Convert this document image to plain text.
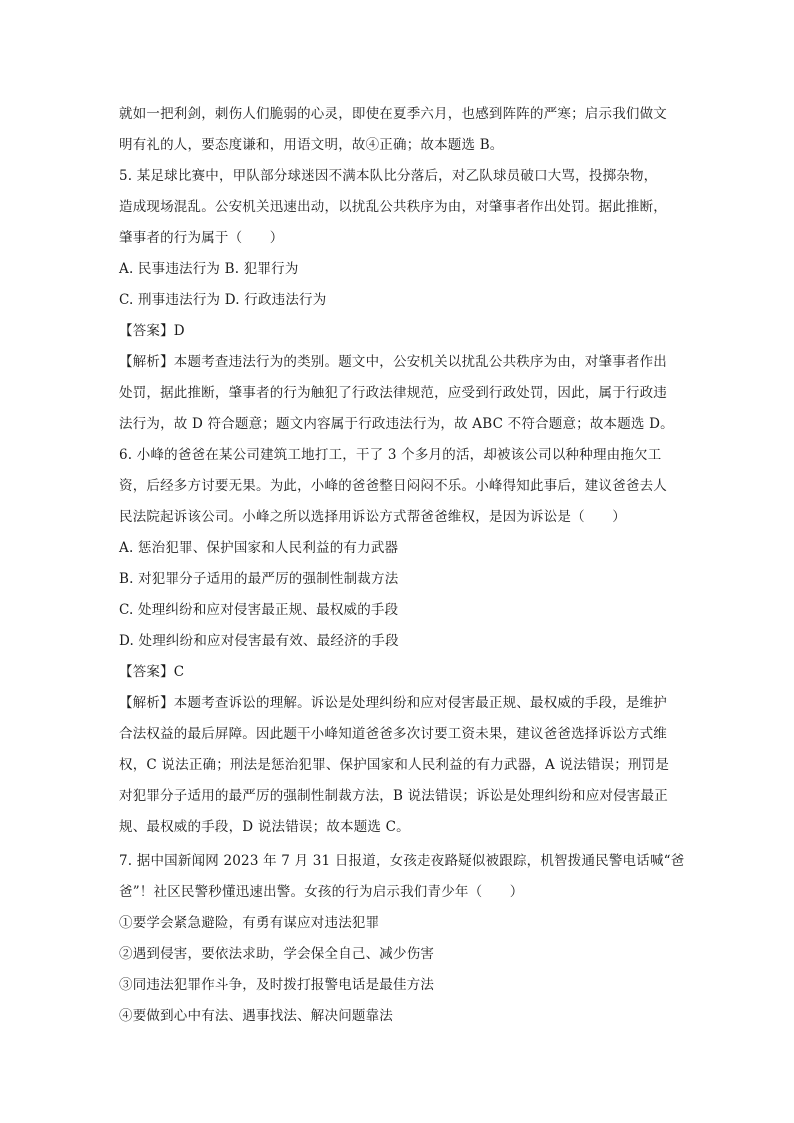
就如一把利剑，刺伤人们脆弱的心灵，即使在夏季六月，也感到阵阵的严寒；启示我们做文
明有礼的人，要态度谦和，用语文明，故④正确；故本题选 B。
5. 某足球比赛中，甲队部分球迷因不满本队比分落后，对乙队球员破口大骂，投掷杂物，
造成现场混乱。公安机关迅速出动，以扰乱公共秩序为由，对肇事者作出处罚。据此推断，
肇事者的行为属于（　　）
A. 民事违法行为 B. 犯罪行为
C. 刑事违法行为 D. 行政违法行为
【答案】D
【解析】本题考查违法行为的类别。题文中，公安机关以扰乱公共秩序为由，对肇事者作出
处罚，据此推断，肇事者的行为触犯了行政法律规范，应受到行政处罚，因此，属于行政违
法行为，故 D 符合题意；题文内容属于行政违法行为，故 ABC 不符合题意；故本题选 D。
6. 小峰的爸爸在某公司建筑工地打工，干了 3 个多月的活，却被该公司以种种理由拖欠工
资，后经多方讨要无果。为此，小峰的爸爸整日闷闷不乐。小峰得知此事后，建议爸爸去人
民法院起诉该公司。小峰之所以选择用诉讼方式帮爸爸维权，是因为诉讼是（　　）
A. 惩治犯罪、保护国家和人民利益的有力武器
B. 对犯罪分子适用的最严厉的强制性制裁方法
C. 处理纠纷和应对侵害最正规、最权威的手段
D. 处理纠纷和应对侵害最有效、最经济的手段
【答案】C
【解析】本题考查诉讼的理解。诉讼是处理纠纷和应对侵害最正规、最权威的手段，是维护
合法权益的最后屏障。因此题干小峰知道爸爸多次讨要工资未果，建议爸爸选择诉讼方式维
权，C 说法正确；刑法是惩治犯罪、保护国家和人民利益的有力武器，A 说法错误；刑罚是
对犯罪分子适用的最严厉的强制性制裁方法，B 说法错误；诉讼是处理纠纷和应对侵害最正
规、最权威的手段，D 说法错误；故本题选 C。
7. 据中国新闻网 2023 年 7 月 31 日报道，女孩走夜路疑似被跟踪，机智拨通民警电话喊“爸
爸”！社区民警秒懂迅速出警。女孩的行为启示我们青少年（　　）
①要学会紧急避险，有勇有谋应对违法犯罪
②遇到侵害，要依法求助，学会保全自己、减少伤害
③同违法犯罪作斗争，及时拨打报警电话是最佳方法
④要做到心中有法、遇事找法、解决问题靠法
